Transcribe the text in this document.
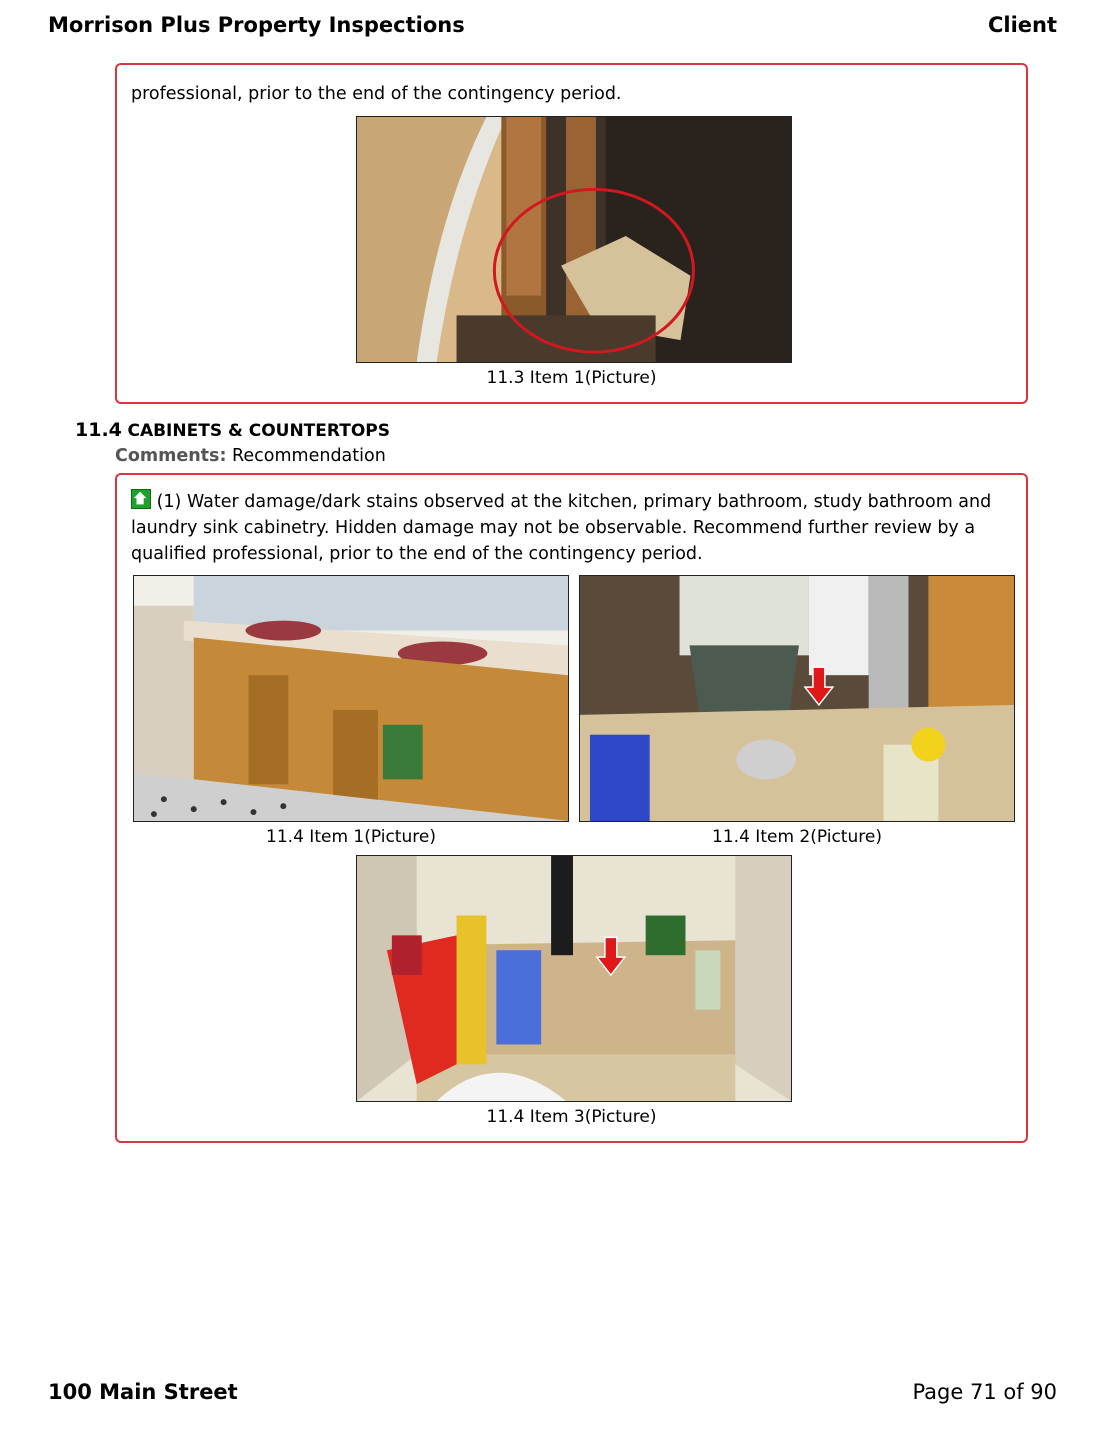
Morrison Plus Property Inspections	Client
professional, prior to the end of the contingency period.
11.3 Item 1(Picture)
11.4 CABINETS & COUNTERTOPS
Comments: Recommendation
(1) Water damage/dark stains observed at the kitchen, primary bathroom, study bathroom and laundry sink cabinetry. Hidden damage may not be observable. Recommend further review by a qualified professional, prior to the end of the contingency period.
11.4 Item 1(Picture)	11.4 Item 2(Picture)
11.4 Item 3(Picture)
100 Main Street	Page 71 of 90
